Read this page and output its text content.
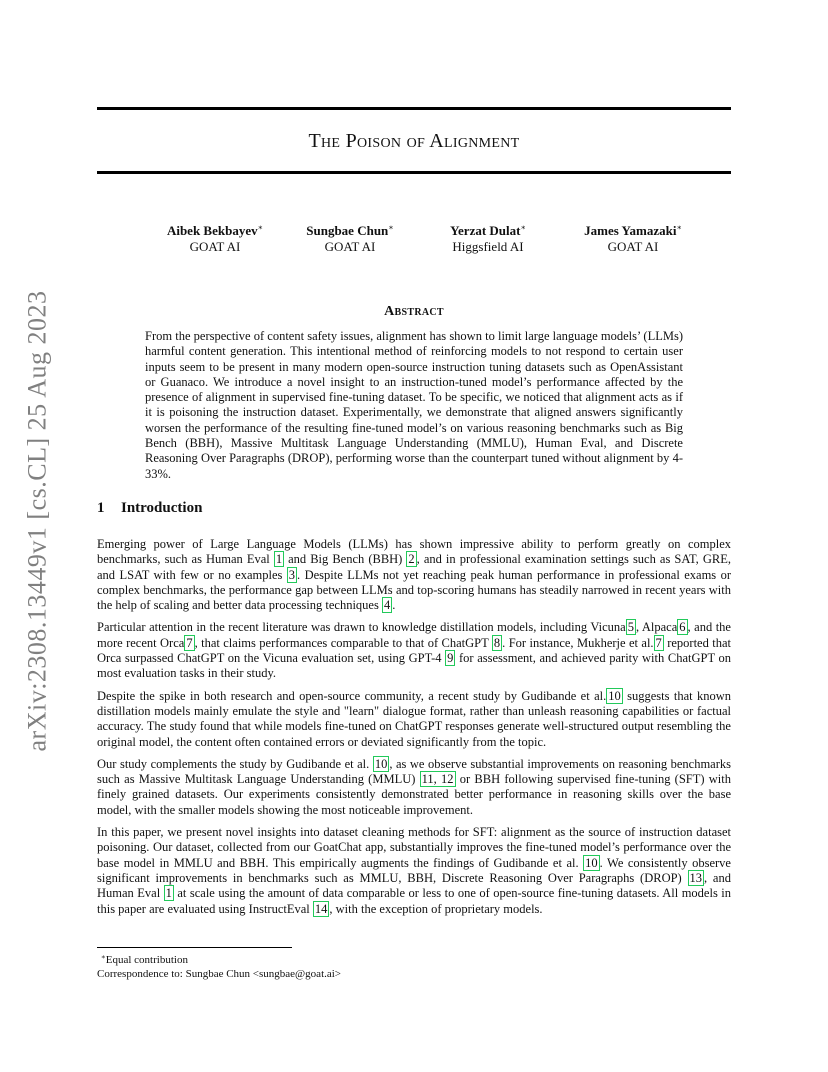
arXiv:2308.13449v1 [cs.CL] 25 Aug 2023
The Poison of Alignment
Aibek Bekbayev∗
GOAT AI
Sungbae Chun∗
GOAT AI
Yerzat Dulat∗
Higgsfield AI
James Yamazaki∗
GOAT AI
Abstract
From the perspective of content safety issues, alignment has shown to limit large language models’ (LLMs) harmful content generation. This intentional method of reinforcing models to not respond to certain user inputs seem to be present in many modern open-source instruction tuning datasets such as OpenAssistant or Guanaco. We introduce a novel insight to an instruction-tuned model’s performance affected by the presence of alignment in supervised fine-tuning dataset. To be specific, we noticed that alignment acts as if it is poisoning the instruction dataset. Experimentally, we demonstrate that aligned answers significantly worsen the performance of the resulting fine-tuned model’s on various reasoning benchmarks such as Big Bench (BBH), Massive Multitask Language Understanding (MMLU), Human Eval, and Discrete Reasoning Over Paragraphs (DROP), performing worse than the counterpart tuned without alignment by 4-33%.
1 Introduction

Emerging power of Large Language Models (LLMs) has shown impressive ability to perform greatly on complex benchmarks, such as Human Eval 1 and Big Bench (BBH) 2 , and in professional examination settings such as SAT, GRE, and LSAT with few or no examples 3 . Despite LLMs not yet reaching peak human performance in professional exams or complex benchmarks, the performance gap between LLMs and top-scoring humans has steadily narrowed in recent years with the help of scaling and better data processing techniques 4 .

Particular attention in the recent literature was drawn to knowledge distillation models, including Vicuna 5 , Alpaca 6 , and the more recent Orca 7 , that claims performances comparable to that of ChatGPT 8 . For instance, Mukherje et al. 7 reported that Orca surpassed ChatGPT on the Vicuna evaluation set, using GPT-4 9 for assessment, and achieved parity with ChatGPT on most evaluation tasks in their study.

Despite the spike in both research and open-source community, a recent study by Gudibande et al. 10 suggests that known distillation models mainly emulate the style and "learn" dialogue format, rather than unleash reasoning capabilities or factual accuracy. The study found that while models fine-tuned on ChatGPT responses generate well-structured output resembling the original model, the content often contained errors or deviated significantly from the topic.

Our study complements the study by Gudibande et al. 10 , as we observe substantial improvements on reasoning benchmarks such as Massive Multitask Language Understanding (MMLU) 11, 12 or BBH following supervised fine-tuning (SFT) with finely grained datasets. Our experiments consistently demonstrated better performance in reasoning skills over the base model, with the smaller models showing the most noticeable improvement.

In this paper, we present novel insights into dataset cleaning methods for SFT: alignment as the source of instruction dataset poisoning. Our dataset, collected from our GoatChat app, substantially improves the fine-tuned model’s performance over the base model in MMLU and BBH. This empirically augments the findings of Gudibande et al. 10 . We consistently observe significant improvements in benchmarks such as MMLU, BBH, Discrete Reasoning Over Paragraphs (DROP) 13 , and Human Eval 1 at scale using the amount of data comparable or less to one of open-source fine-tuning datasets. All models in this paper are evaluated using InstructEval 14 , with the exception of proprietary models.

∗Equal contribution

Correspondence to: Sungbae Chun <sungbae@goat.ai>
